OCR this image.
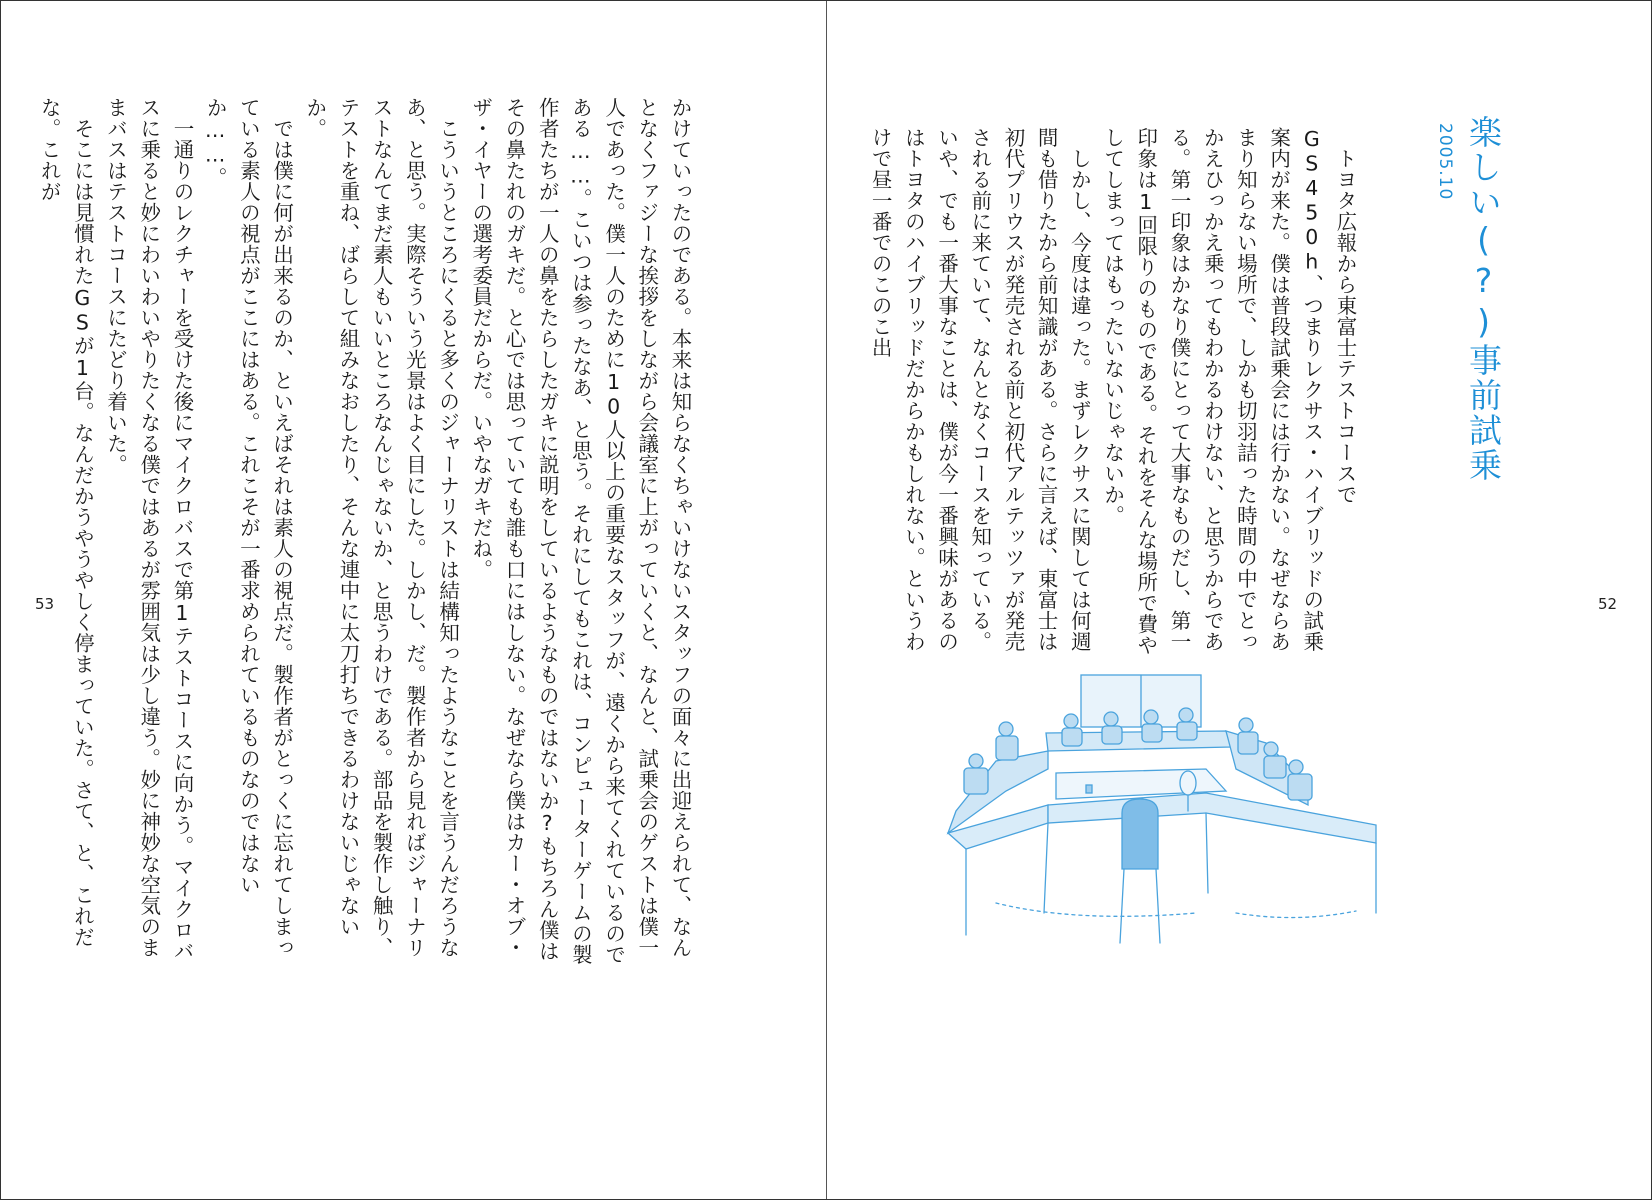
かけていったのである。本来は知らなくちゃいけないスタッフの面々に出迎えられて、なんとなくファジーな挨拶をしながら会議室に上がっていくと、なんと、試乗会のゲストは僕一人であった。僕一人のために10人以上の重要なスタッフが、遠くから来てくれているのである……。こいつは参ったなあ、と思う。それにしてもこれは、コンピューターゲームの製作者たちが一人の鼻をたらしたガキに説明をしているようなものではないか?もちろん僕はその鼻たれのガキだ。と心では思っていても誰も口にはしない。なぜなら僕はカー・オブ・ザ・イヤーの選考委員だからだ。いやなガキだね。

こういうところにくると多くのジャーナリストは結構知ったようなことを言うんだろうなあ、と思う。実際そういう光景はよく目にした。しかし、だ。製作者から見ればジャーナリストなんてまだ素人もいいところなんじゃないか、と思うわけである。部品を製作し触り、テストを重ね、ばらして組みなおしたり、そんな連中に太刀打ちできるわけないじゃないか。

では僕に何が出来るのか、といえばそれは素人の視点だ。製作者がとっくに忘れてしまっている素人の視点がここにはある。これこそが一番求められているものなのではないか……。

一通りのレクチャーを受けた後にマイクロバスで第1テストコースに向かう。マイクロバスに乗ると妙にわいわいやりたくなる僕ではあるが雰囲気は少し違う。妙に神妙な空気のままバスはテストコースにたどり着いた。

そこには見慣れたGSが1台。なんだかうやうやしく停まっていた。さて、と、これだな。これが

53
楽しい(?)事前試乗
2005.10

トヨタ広報から東富士テストコースでGS450h、つまりレクサス・ハイブリッドの試乗案内が来た。僕は普段試乗会には行かない。なぜならあまり知らない場所で、しかも切羽詰った時間の中でとっかえひっかえ乗ってもわかるわけない、と思うからである。第一印象はかなり僕にとって大事なものだし、第一印象は1回限りのものである。それをそんな場所で費やしてしまってはもったいないじゃないか。

しかし、今度は違った。まずレクサスに関しては何週間も借りたから前知識がある。さらに言えば、東富士は初代プリウスが発売される前と初代アルテッツァが発売される前に来ていて、なんとなくコースを知っている。いや、でも一番大事なことは、僕が今一番興味があるのはトヨタのハイブリッドだからかもしれない。というわけで昼一番でのこのこ出

52
